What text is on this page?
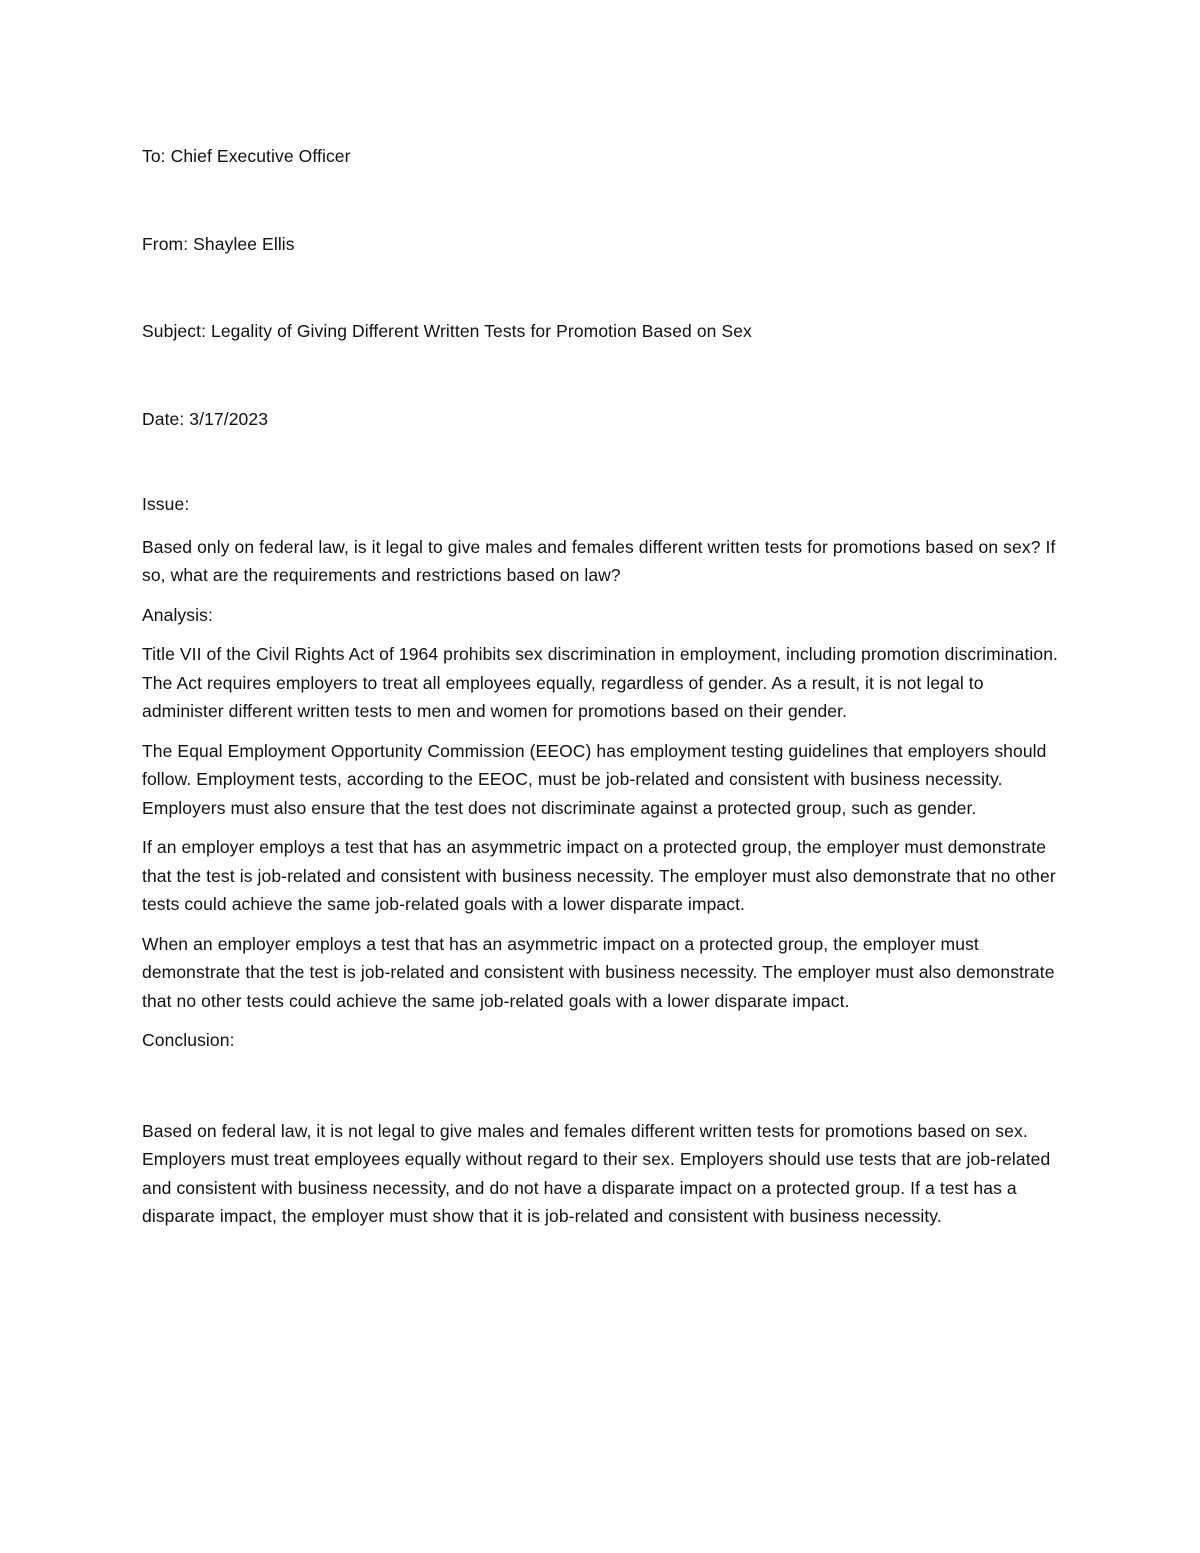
To: Chief Executive Officer
From: Shaylee Ellis
Subject: Legality of Giving Different Written Tests for Promotion Based on Sex
Date: 3/17/2023
Issue:
Based only on federal law, is it legal to give males and females different written tests for promotions based on sex? If so, what are the requirements and restrictions based on law?
Analysis:
Title VII of the Civil Rights Act of 1964 prohibits sex discrimination in employment, including promotion discrimination. The Act requires employers to treat all employees equally, regardless of gender. As a result, it is not legal to administer different written tests to men and women for promotions based on their gender.
The Equal Employment Opportunity Commission (EEOC) has employment testing guidelines that employers should follow. Employment tests, according to the EEOC, must be job-related and consistent with business necessity. Employers must also ensure that the test does not discriminate against a protected group, such as gender.
If an employer employs a test that has an asymmetric impact on a protected group, the employer must demonstrate that the test is job-related and consistent with business necessity. The employer must also demonstrate that no other tests could achieve the same job-related goals with a lower disparate impact.
When an employer employs a test that has an asymmetric impact on a protected group, the employer must demonstrate that the test is job-related and consistent with business necessity. The employer must also demonstrate that no other tests could achieve the same job-related goals with a lower disparate impact.
Conclusion:
Based on federal law, it is not legal to give males and females different written tests for promotions based on sex. Employers must treat employees equally without regard to their sex. Employers should use tests that are job-related and consistent with business necessity, and do not have a disparate impact on a protected group. If a test has a disparate impact, the employer must show that it is job-related and consistent with business necessity.
